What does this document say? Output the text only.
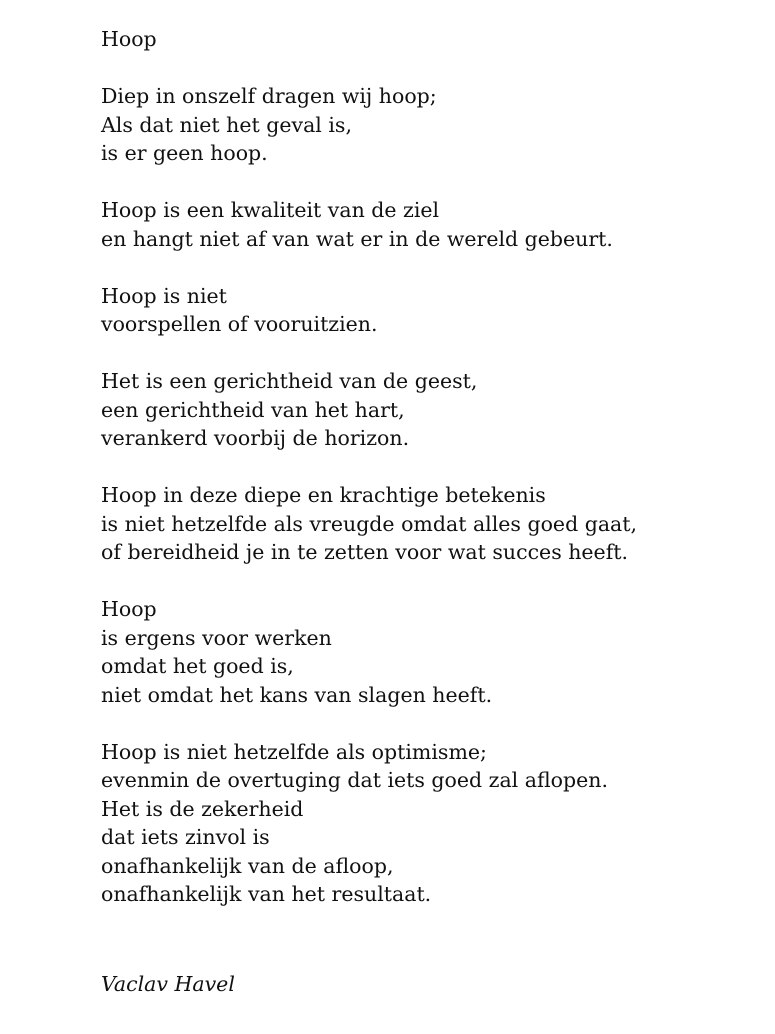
Hoop
Diep in onszelf dragen wij hoop;
Als dat niet het geval is,
is er geen hoop.
Hoop is een kwaliteit van de ziel
en hangt niet af van wat er in de wereld gebeurt.
Hoop is niet
voorspellen of vooruitzien.
Het is een gerichtheid van de geest,
een gerichtheid van het hart,
verankerd voorbij de horizon.
Hoop in deze diepe en krachtige betekenis
is niet hetzelfde als vreugde omdat alles goed gaat,
of bereidheid je in te zetten voor wat succes heeft.
Hoop
is ergens voor werken
omdat het goed is,
niet omdat het kans van slagen heeft.
Hoop is niet hetzelfde als optimisme;
evenmin de overtuging dat iets goed zal aflopen.
Het is de zekerheid
dat iets zinvol is
onafhankelijk van de afloop,
onafhankelijk van het resultaat.
Vaclav Havel
